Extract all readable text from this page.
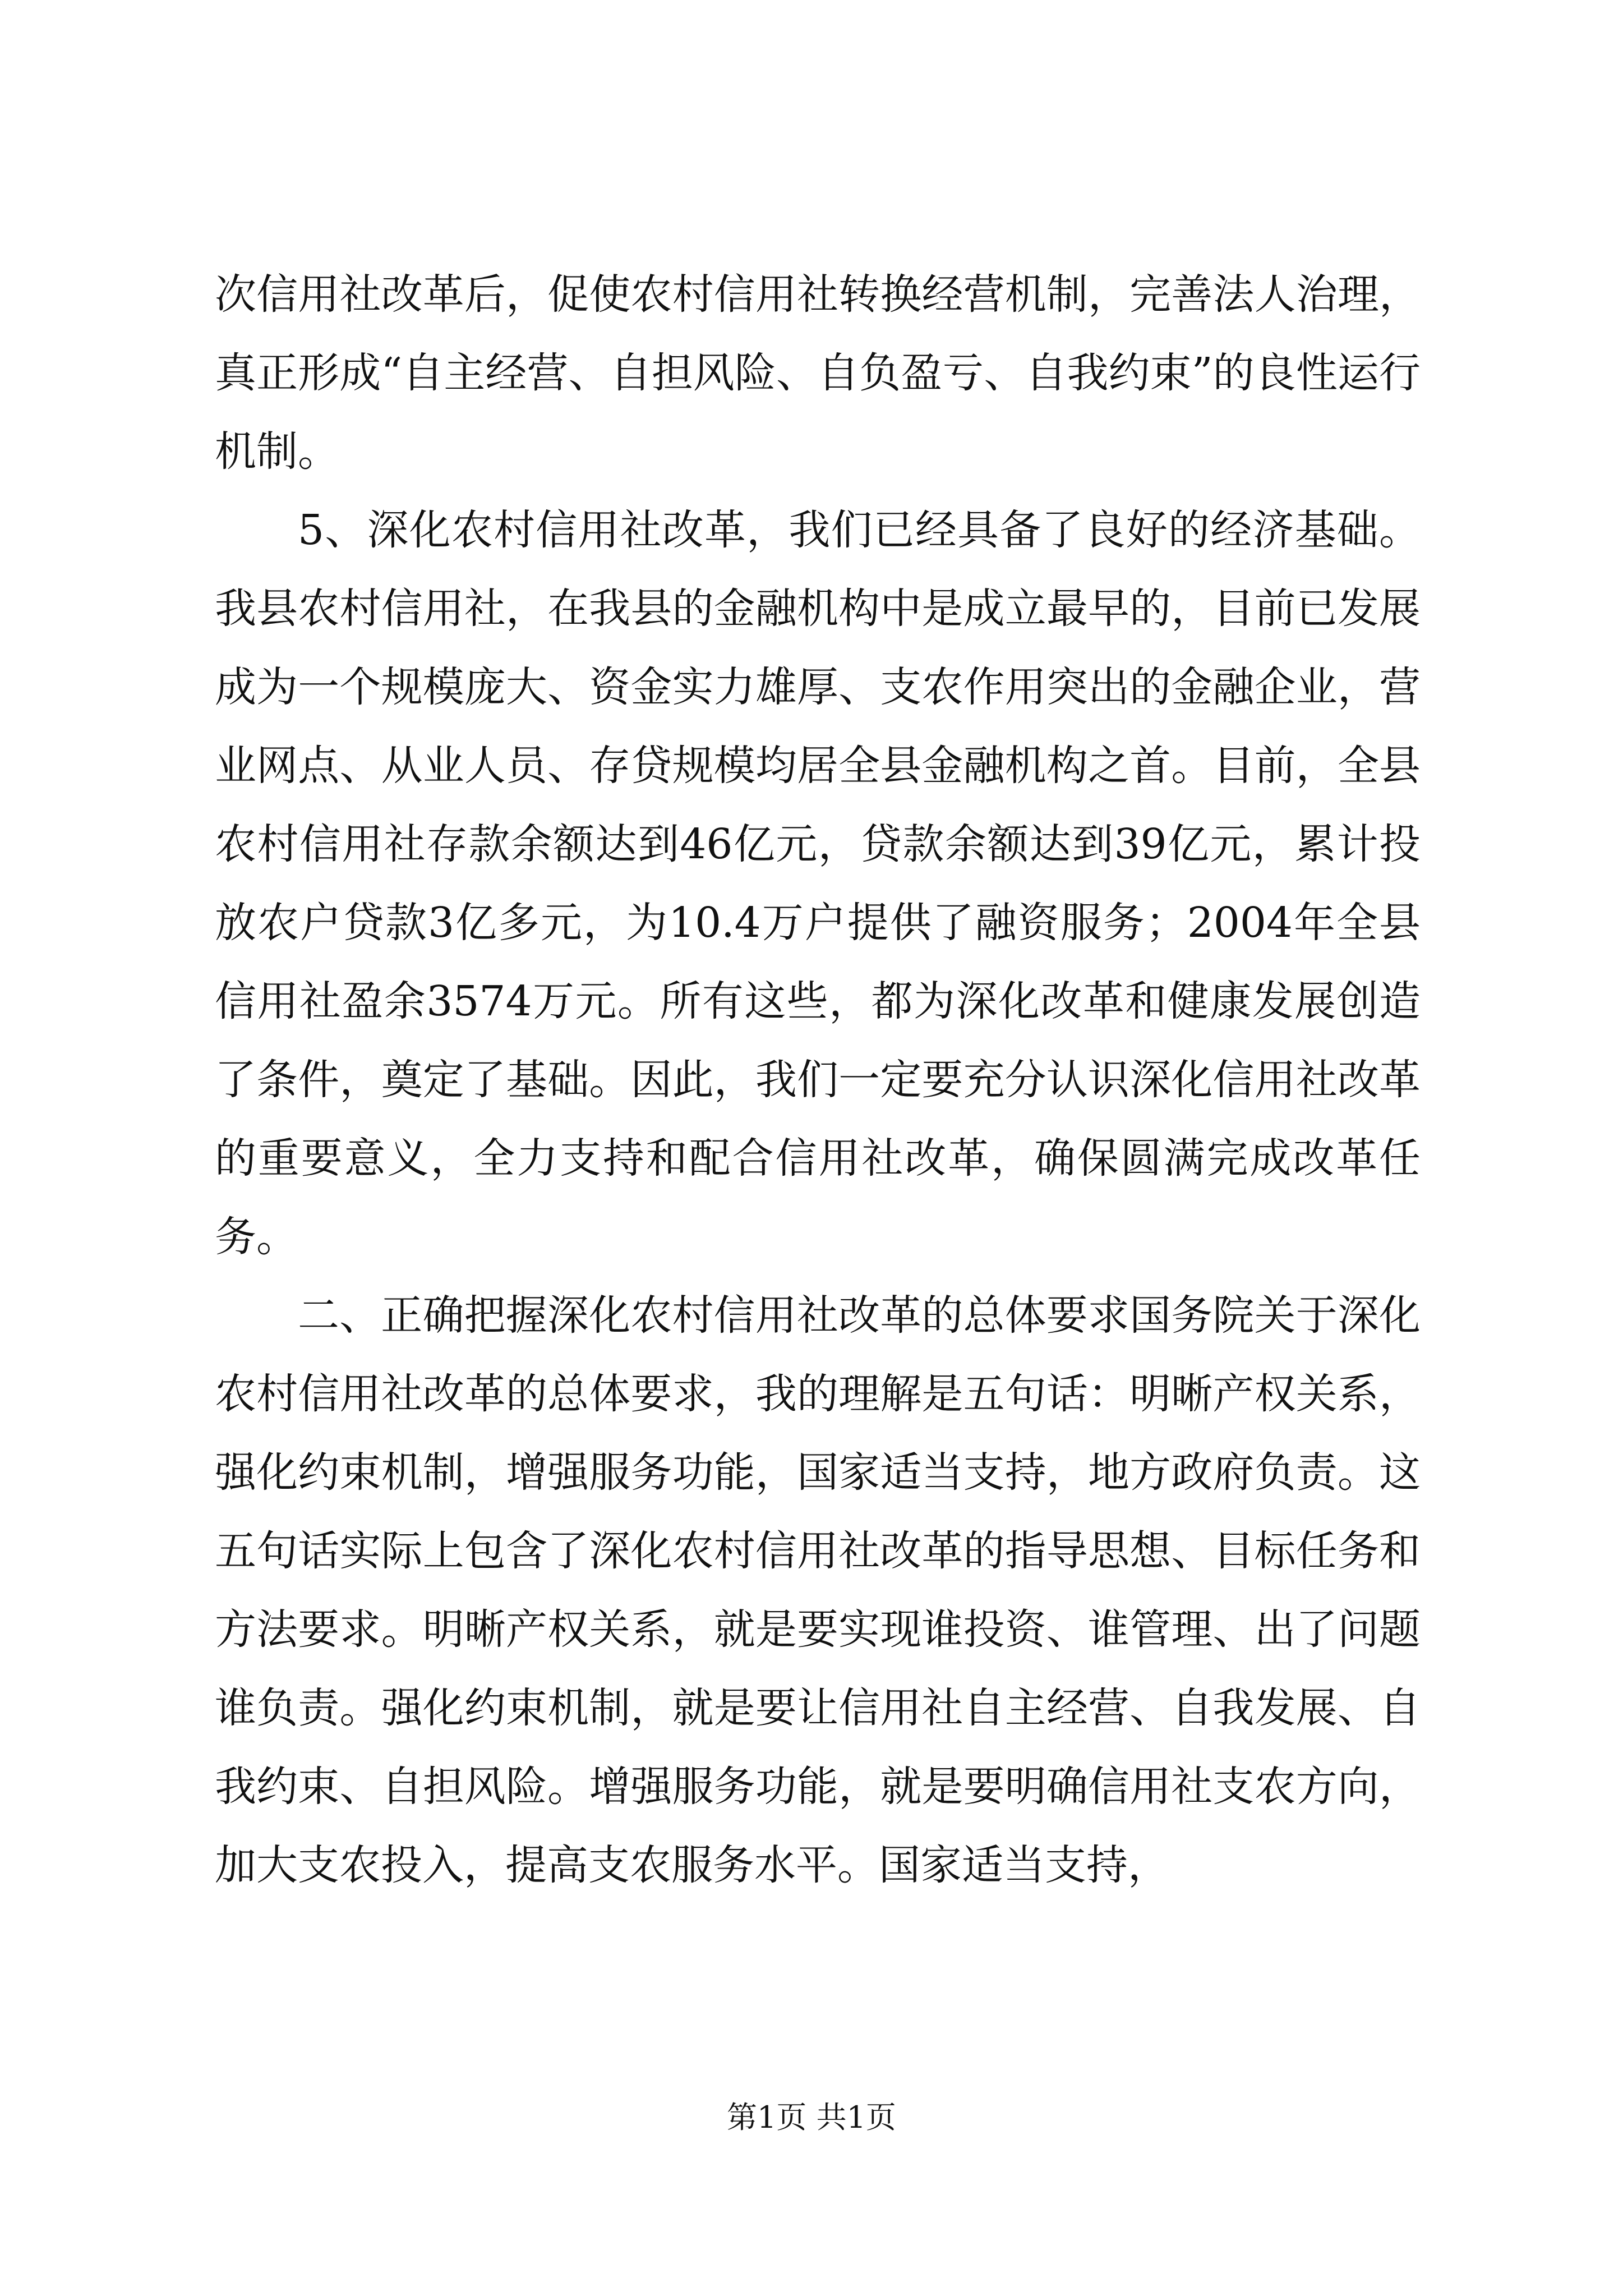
次信用社改革后，促使农村信用社转换经营机制，完善法人治理，真正形成“自主经营、自担风险、自负盈亏、自我约束”的良性运行机制。

5、深化农村信用社改革，我们已经具备了良好的经济基础。我县农村信用社，在我县的金融机构中是成立最早的，目前已发展成为一个规模庞大、资金实力雄厚、支农作用突出的金融企业，营业网点、从业人员、存贷规模均居全县金融机构之首。目前，全县农村信用社存款余额达到46亿元，贷款余额达到39亿元，累计投放农户贷款3亿多元，为10.4万户提供了融资服务；2004年全县信用社盈余3574万元。所有这些，都为深化改革和健康发展创造了条件，奠定了基础。因此，我们一定要充分认识深化信用社改革的重要意义，全力支持和配合信用社改革，确保圆满完成改革任务。

二、正确把握深化农村信用社改革的总体要求国务院关于深化农村信用社改革的总体要求，我的理解是五句话：明晰产权关系，强化约束机制，增强服务功能，国家适当支持，地方政府负责。这五句话实际上包含了深化农村信用社改革的指导思想、目标任务和方法要求。明晰产权关系，就是要实现谁投资、谁管理、出了问题谁负责。强化约束机制，就是要让信用社自主经营、自我发展、自我约束、自担风险。增强服务功能，就是要明确信用社支农方向，加大支农投入，提高支农服务水平。国家适当支持，

第1页 共1页
